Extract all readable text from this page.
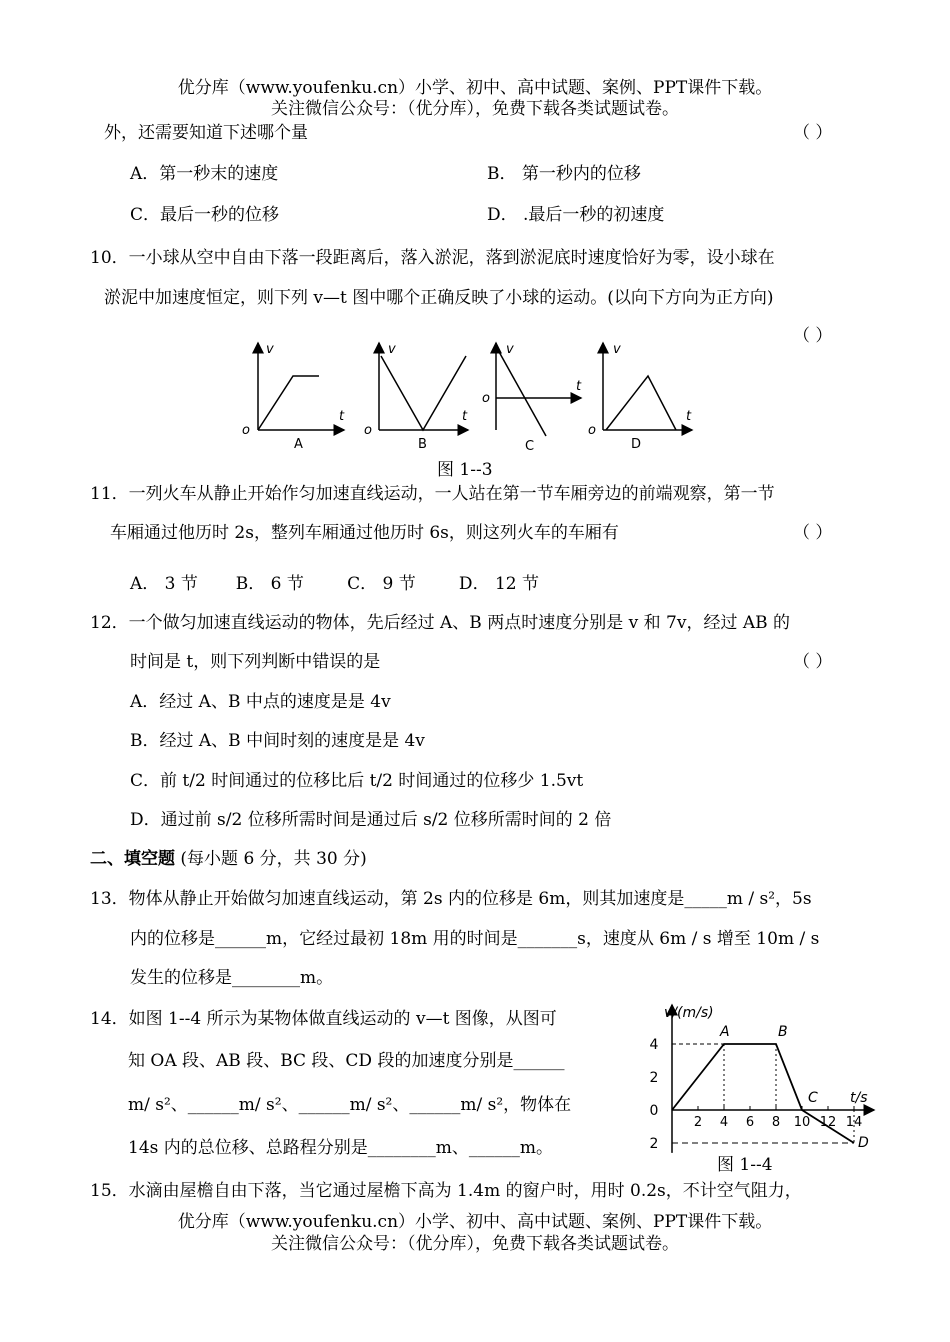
优分库（www.youfenku.cn）小学、初中、高中试题、案例、PPT课件下载。
关注微信公众号：（优分库），免费下载各类试题试卷。
外，还需要知道下述哪个量	（ ）
A．第一秒末的速度	B． 第一秒内的位移
C．最后一秒的位移	D． .最后一秒的初速度
10．一小球从空中自由下落一段距离后，落入淤泥，落到淤泥底时速度恰好为零，设小球在
淤泥中加速度恒定，则下列 v—t 图中哪个正确反映了小球的运动。(以向下方向为正方向)
（ ）
v
t
o
v
t
o
v
t
o
v
t
o
A	B	C	D
图 1--3
11．一列火车从静止开始作匀加速直线运动，一人站在第一节车厢旁边的前端观察，第一节
车厢通过他历时 2s，整列车厢通过他历时 6s，则这列火车的车厢有	（ ）
A． 3 节       B． 6 节        C． 9 节        D． 12 节
12．一个做匀加速直线运动的物体，先后经过 A、B 两点时速度分别是 v 和 7v，经过 AB 的
时间是 t，则下列判断中错误的是	（ ）
A．经过 A、B 中点的速度是是 4v
B．经过 A、B 中间时刻的速度是是 4v
C．前 t/2 时间通过的位移比后 t/2 时间通过的位移少 1.5vt
D．通过前 s/2 位移所需时间是通过后 s/2 位移所需时间的 2 倍
二、填空题 (每小题 6 分，共 30 分)
13．物体从静止开始做匀加速直线运动，第 2s 内的位移是 6m，则其加速度是_____m / s²，5s
内的位移是______m，它经过最初 18m 用的时间是_______s，速度从 6m / s 增至 10m / s
发生的位移是________m。
14．如图 1--4 所示为某物体做直线运动的 v—t 图像，从图可
知 OA 段、AB 段、BC 段、CD 段的加速度分别是______
m/ s²、______m/ s²、______m/ s²、______m/ s²，物体在
14s 内的总位移、总路程分别是________m、______m。
v/(m/s)
t/s
2 4 6 8 10 12 14
4
2
0
2
A	B
C
D
图 1--4
15．水滴由屋檐自由下落，当它通过屋檐下高为 1.4m 的窗户时，用时 0.2s，不计空气阻力，
优分库（www.youfenku.cn）小学、初中、高中试题、案例、PPT课件下载。
关注微信公众号：（优分库），免费下载各类试题试卷。
